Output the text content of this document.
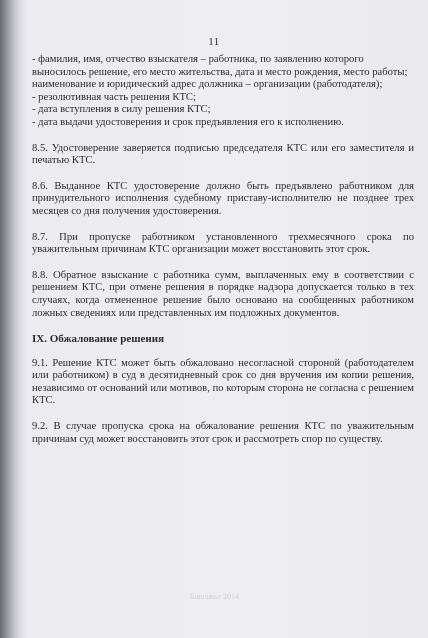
11
- фамилия, имя, отчество взыскателя – работника, по заявлению которого выносилось решение, его место жительства, дата и место рождения, место работы;
наименование и юридический адрес должника – организации (работодателя);
- резолютивная часть решения КТС;
- дата вступления в силу решения КТС;
- дата выдачи удостоверения и срок предъявления его к исполнению.

8.5. Удостоверение заверяется подписью председателя КТС или его заместителя и печатью КТС.

8.6. Выданное КТС удостоверение должно быть предъявлено работником для принудительного исполнения судебному приставу-исполнителю не позднее трех месяцев со дня получения удостоверения.

8.7. При пропуске работником установленного трехмесячного срока по уважительным причинам КТС организации может восстановить этот срок.

8.8. Обратное взыскание с работника сумм, выплаченных ему в соответствии с решением КТС, при отмене решения в порядке надзора допускается только в тех случаях, когда отмененное решение было основано на сообщенных работником ложных сведениях или представленных им подложных документов.

IX. Обжалование решения

9.1. Решение КТС может быть обжаловано несогласной стороной (работодателем или работником) в суд в десятидневный срок со дня вручения им копии решения, независимо от оснований или мотивов, по которым сторона не согласна с решением КТС.

9.2. В случае пропуска срока на обжалование решения КТС по уважительным причинам суд может восстановить этот срок и рассмотреть спор по существу.

Заволжье 2014
